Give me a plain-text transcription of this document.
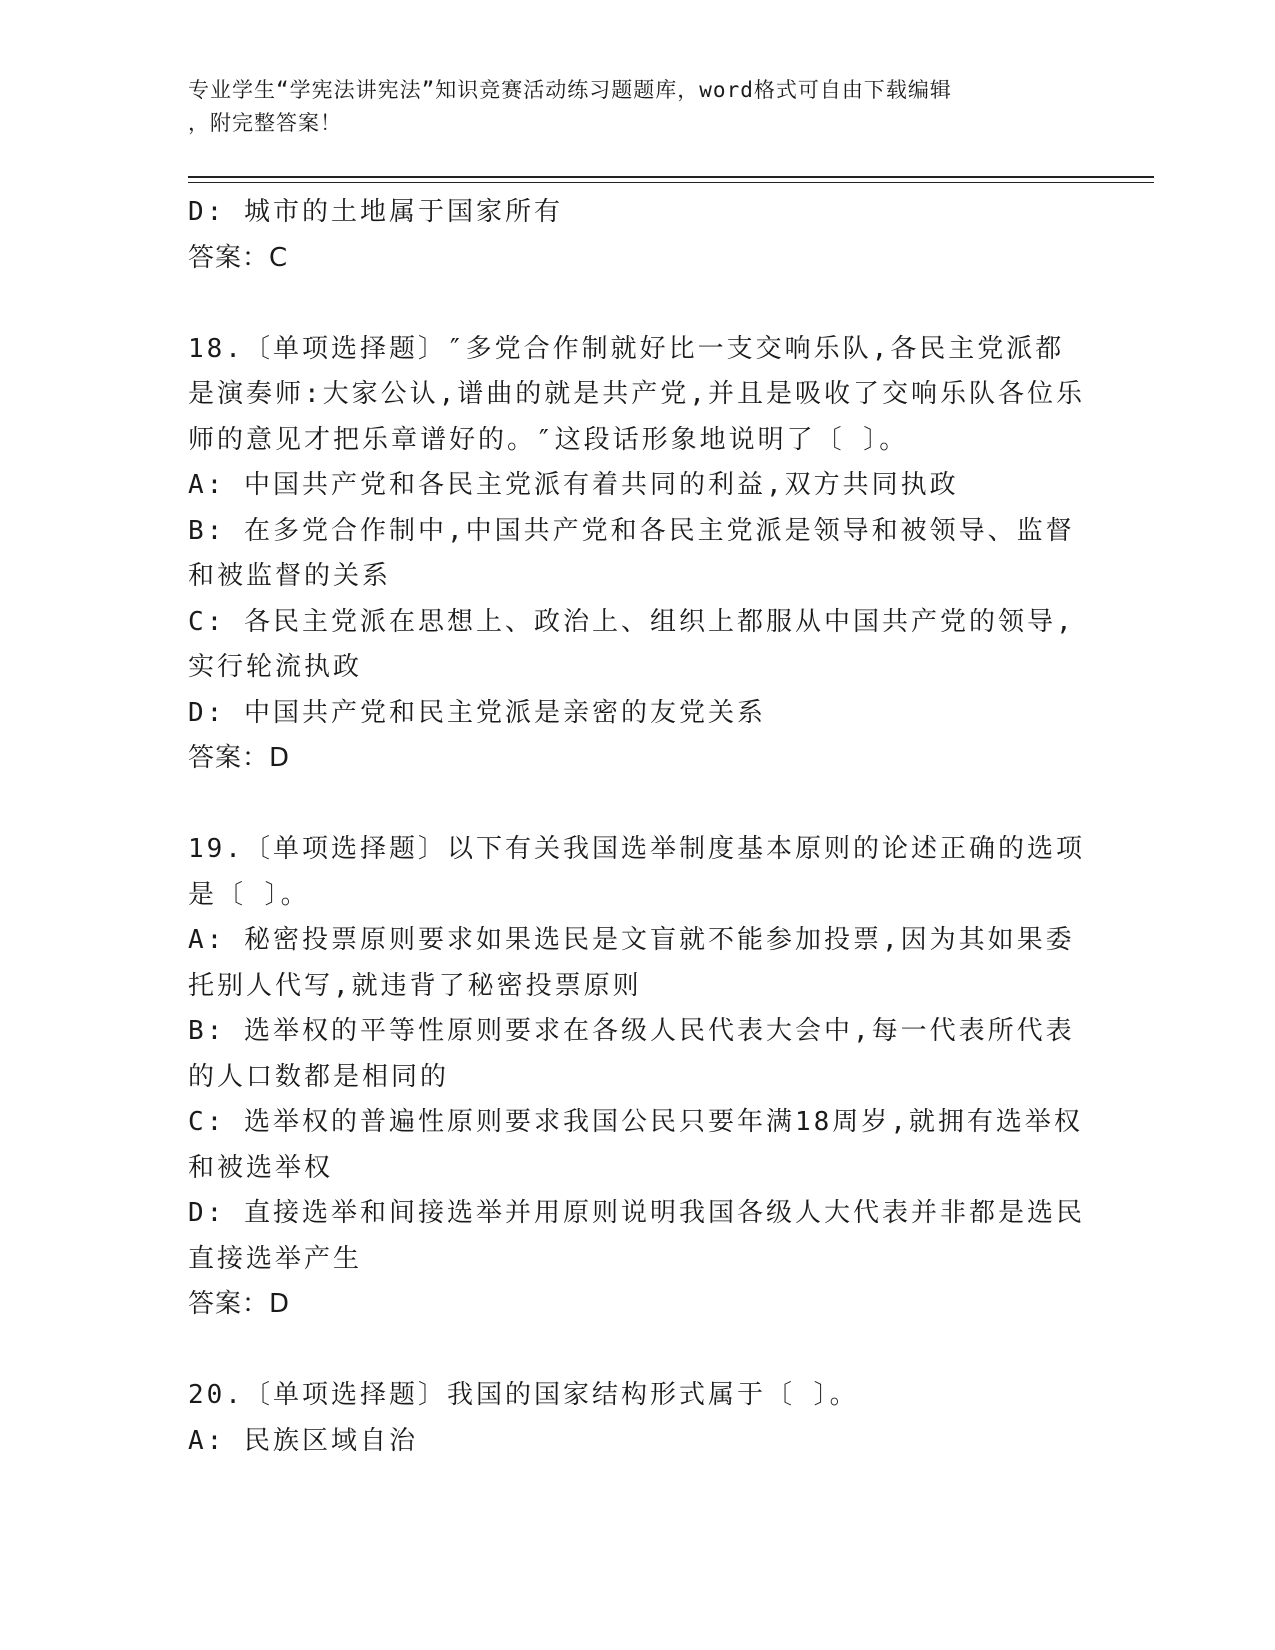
专业学生“学宪法讲宪法”知识竞赛活动练习题题库，word格式可自由下载编辑
，附完整答案！

D: 城市的土地属于国家所有

答案：C

18.〔单项选择题〕″多党合作制就好比一支交响乐队,各民主党派都

是演奏师:大家公认,谱曲的就是共产党,并且是吸收了交响乐队各位乐

师的意见才把乐章谱好的。″这段话形象地说明了〔 〕。

A: 中国共产党和各民主党派有着共同的利益,双方共同执政

B: 在多党合作制中,中国共产党和各民主党派是领导和被领导、监督

和被监督的关系

C: 各民主党派在思想上、政治上、组织上都服从中国共产党的领导,

实行轮流执政

D: 中国共产党和民主党派是亲密的友党关系

答案：D

19.〔单项选择题〕以下有关我国选举制度基本原则的论述正确的选项

是〔 〕。

A: 秘密投票原则要求如果选民是文盲就不能参加投票,因为其如果委

托别人代写,就违背了秘密投票原则

B: 选举权的平等性原则要求在各级人民代表大会中,每一代表所代表

的人口数都是相同的

C: 选举权的普遍性原则要求我国公民只要年满18周岁,就拥有选举权

和被选举权

D: 直接选举和间接选举并用原则说明我国各级人大代表并非都是选民

直接选举产生

答案：D

20.〔单项选择题〕我国的国家结构形式属于〔 〕。

A: 民族区域自治
